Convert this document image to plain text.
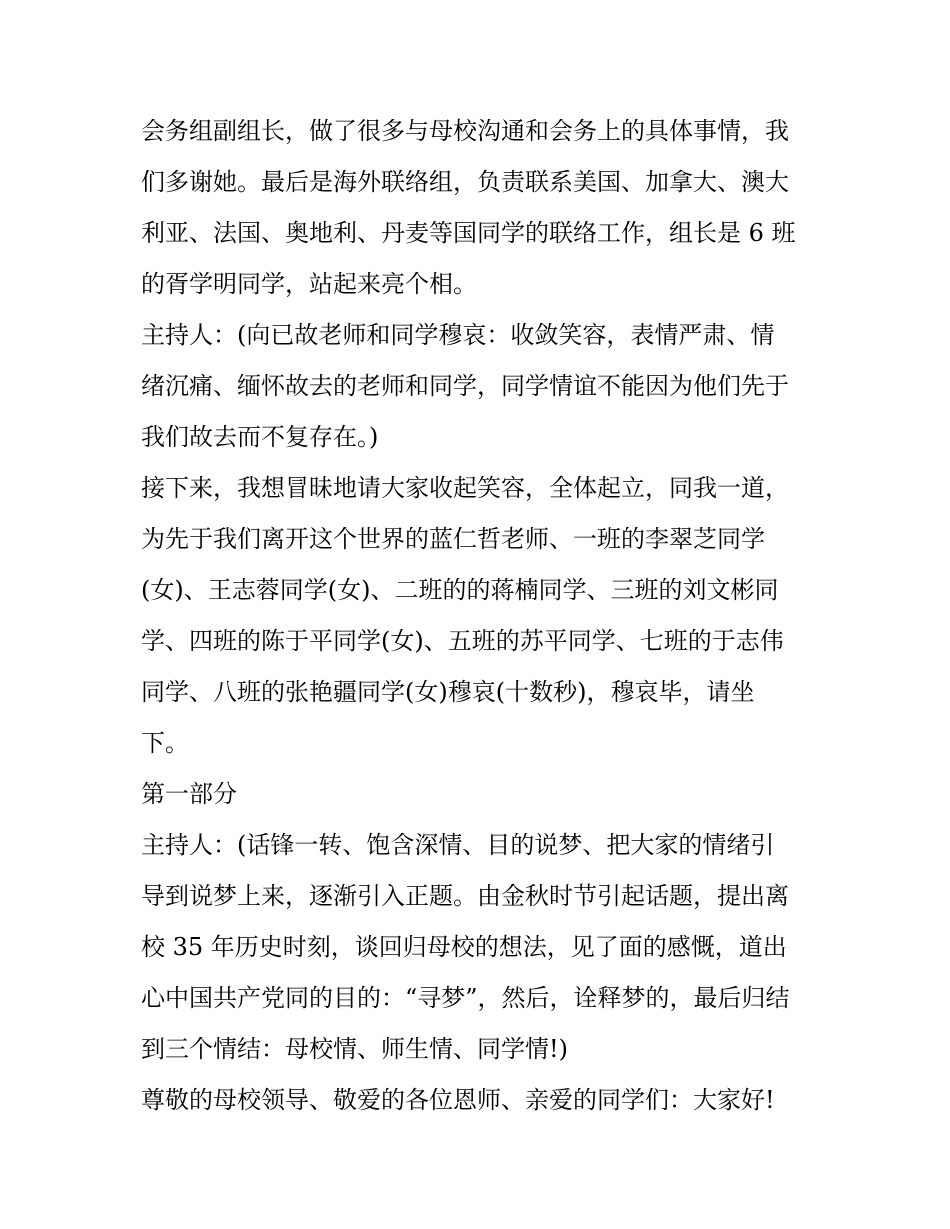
会务组副组长，做了很多与母校沟通和会务上的具体事情，我
们多谢她。最后是海外联络组，负责联系美国、加拿大、澳大
利亚、法国、奥地利、丹麦等国同学的联络工作，组长是 6 班
的胥学明同学，站起来亮个相。
主持人：(向已故老师和同学穆哀：收敛笑容，表情严肃、情
绪沉痛、缅怀故去的老师和同学，同学情谊不能因为他们先于
我们故去而不复存在。)
接下来，我想冒昧地请大家收起笑容，全体起立，同我一道，
为先于我们离开这个世界的蓝仁哲老师、一班的李翠芝同学
(女)、王志蓉同学(女)、二班的的蒋楠同学、三班的刘文彬同
学、四班的陈于平同学(女)、五班的苏平同学、七班的于志伟
同学、八班的张艳疆同学(女)穆哀(十数秒)，穆哀毕，请坐
下。
第一部分
主持人：(话锋一转、饱含深情、目的说梦、把大家的情绪引
导到说梦上来，逐渐引入正题。由金秋时节引起话题，提出离
校 35 年历史时刻，谈回归母校的想法，见了面的感慨，道出
心中国共产党同的目的：“寻梦”，然后，诠释梦的，最后归结
到三个情结：母校情、师生情、同学情!)
尊敬的母校领导、敬爱的各位恩师、亲爱的同学们：大家好!
